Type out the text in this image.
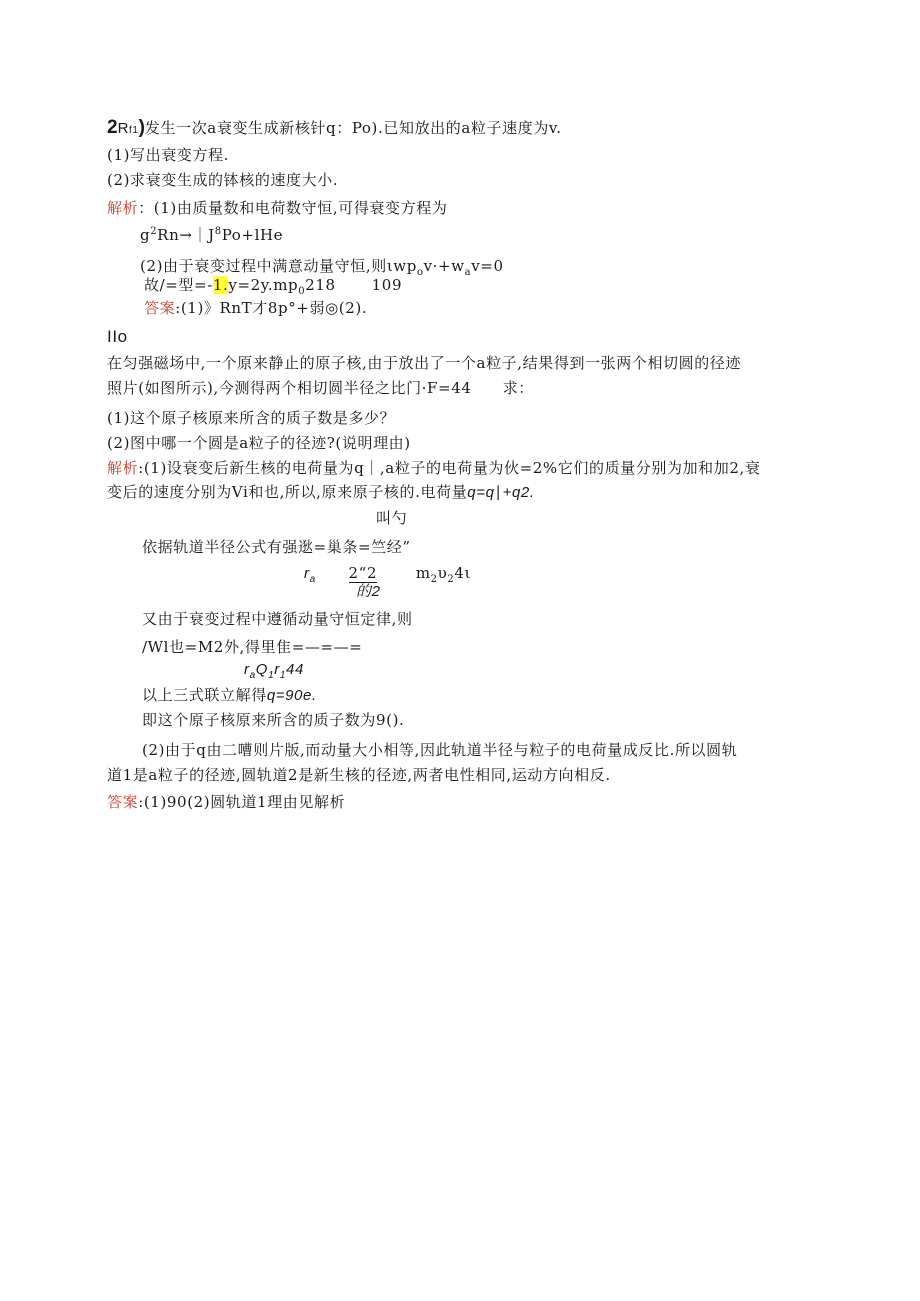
2Rf1)发生一次a衰变生成新核针q：Po).已知放出的a粒子速度为v.
(1)写出衰变方程.
(2)求衰变生成的钵核的速度大小.
解析：(1)由质量数和电荷数守恒,可得衰变方程为
$g^2Rn\to|J^8Po+lHe$
(2)由于衰变过程中满意动量守恒,则$\iota wp_ov\cdot+w_av=0$
故/=型$=-1.y=2y.mp_0218$ 109
答案:(1)》RnT才8p°+弱◎(2).
IIo
在匀强磁场中,一个原来静止的原子核,由于放出了一个a粒子,结果得到一张两个相切圆的径迹
照片(如图所示),今测得两个相切圆半径之比门·F=44　　求：
(1)这个原子核原来所含的质子数是多少？
(2)图中哪一个圆是a粒子的径迹?(说明理由)
解析:(1)设衰变后新生核的电荷量为q｜,a粒子的电荷量为伙=2%它们的质量分别为加和加2,衰
变后的速度分别为Vi和也,所以,原来原子核的.电荷量q=q∣+q2.
叫勺
依据轨道半径公式有强逖=巢条=竺经”
$r_a$ 2“2	$m_2\upsilon_24\iota$
的2
又由于衰变过程中遵循动量守恒定律,则
/Wl也=M2外,得里隹=—=—=
$r_aQ_1r_144$
以上三式联立解得q=90e.
即这个原子核原来所含的质子数为9().
(2)由于q由二嘈则片版,而动量大小相等,因此轨道半径与粒子的电荷量成反比.所以圆轨
道1是a粒子的径迹,圆轨道2是新生核的径迹,两者电性相同,运动方向相反.
答案:(1)90(2)圆轨道1理由见解析
